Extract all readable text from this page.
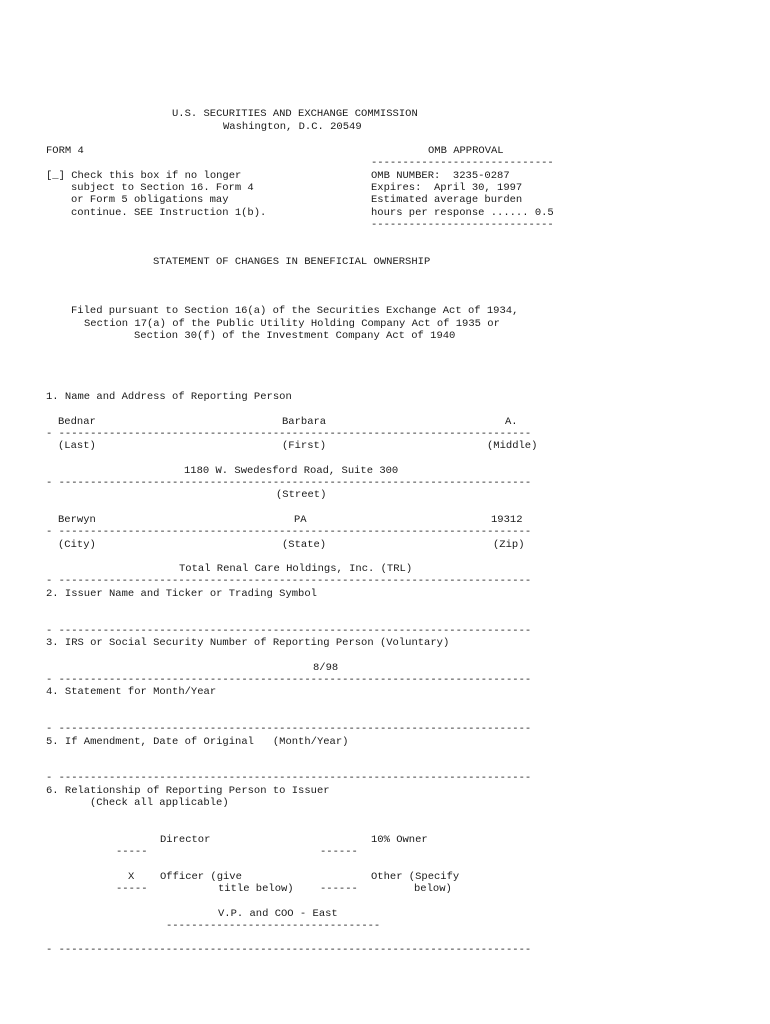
U.S. SECURITIES AND EXCHANGE COMMISSION
Washington, D.C. 20549
FORM 4	OMB APPROVAL
-----------------------------
[_] Check this box if no longer	OMB NUMBER:  3235-0287
subject to Section 16. Form 4	Expires:  April 30, 1997
or Form 5 obligations may	Estimated average burden
continue. SEE Instruction 1(b).	hours per response ...... 0.5
-----------------------------
STATEMENT OF CHANGES IN BENEFICIAL OWNERSHIP
Filed pursuant to Section 16(a) of the Securities Exchange Act of 1934,
Section 17(a) of the Public Utility Holding Company Act of 1935 or
Section 30(f) of the Investment Company Act of 1940
1. Name and Address of Reporting Person
Bednar	Barbara	A.
- ---------------------------------------------------------------------------
(Last)	(First)	(Middle)
1180 W. Swedesford Road, Suite 300
- ---------------------------------------------------------------------------
(Street)
Berwyn	PA	19312
- ---------------------------------------------------------------------------
(City)	(State)	(Zip)
Total Renal Care Holdings, Inc. (TRL)
- ---------------------------------------------------------------------------
2. Issuer Name and Ticker or Trading Symbol
- ---------------------------------------------------------------------------
3. IRS or Social Security Number of Reporting Person (Voluntary)
8/98
- ---------------------------------------------------------------------------
4. Statement for Month/Year
- ---------------------------------------------------------------------------
5. If Amendment, Date of Original   (Month/Year)
- ---------------------------------------------------------------------------
6. Relationship of Reporting Person to Issuer
(Check all applicable)
Director	10% Owner
-----	------
X Officer (give	Other (Specify
-----	title below)	------	below)
V.P. and COO - East
----------------------------------
- ---------------------------------------------------------------------------
